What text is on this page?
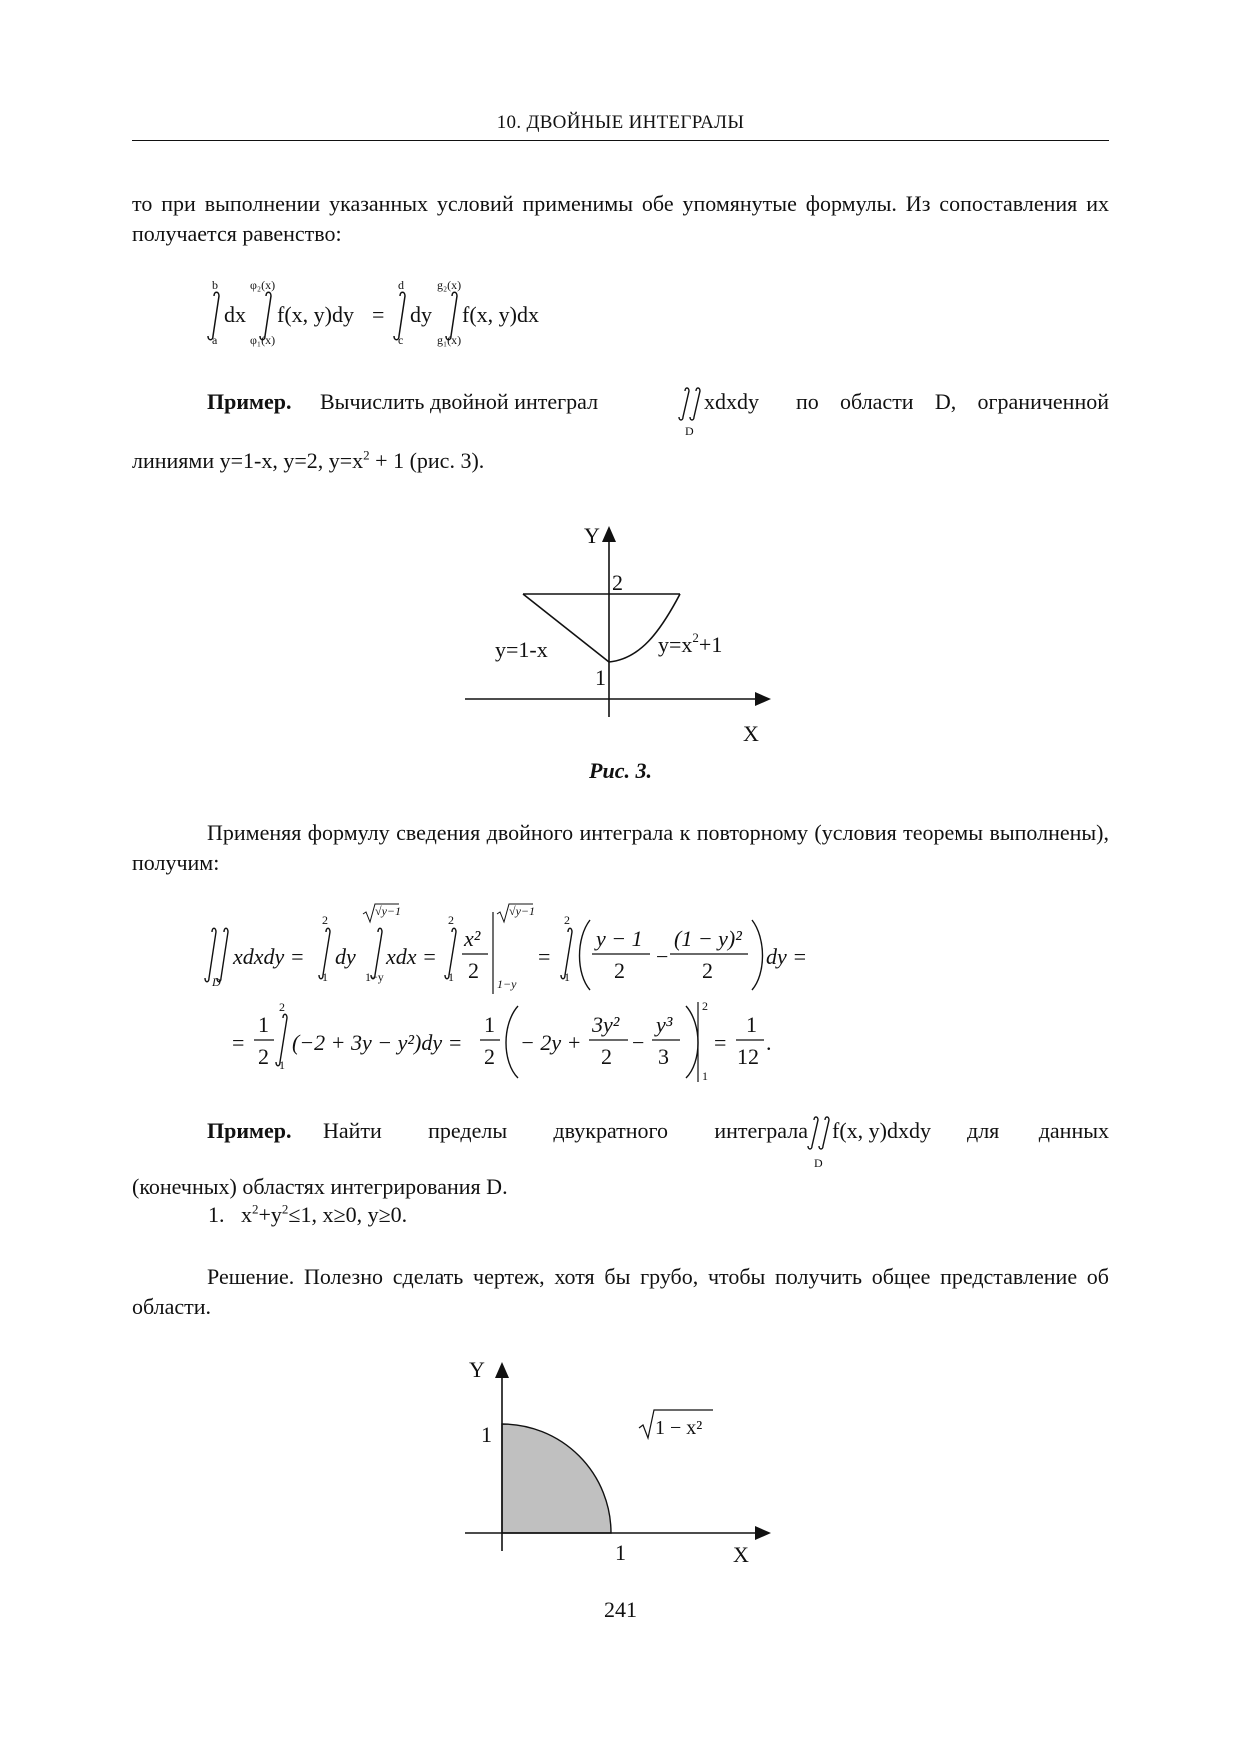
10. ДВОЙНЫЕ ИНТЕГРАЛЫ
то при выполнении указанных условий применимы обе упомянутые формулы. Из сопоставления их получается равенство:
b
a
dx
φ₂(x)
φ₁(x)
f(x, y)dy =
d
c
dy
g₂(x)
g₁(x)
f(x, y)dx
Пример. Вычислить двойной интеграл	xdxdy
D
по области D, ограниченной
линиями y=1-x, y=2, $y=x^2 + 1$ (рис. 3).
Y
X
2
1
y=1-x	$y=x^2+1$
Рис. 3.
Применяя формулу сведения двойного интеграла к повторному (условия теоремы выполнены), получим:
D
xdxdy =
2
1
dy
√y−1
1−y
xdx =
2
1
x²
2
√y−1
1−y
=
2
1
y − 1
2
−
(1 − y)²
2
dy =
=
1
2
2
1
(−2 + 3y − y²)dy =
1
2
− 2y +
3y²
2
−
y³
3
2
1
=
1
12
.
Пример. Найти пределы двукратного интеграла f(x, y)dxdy
D
для данных
(конечных) областях интегрирования D.
1. $x^2+y^2\le 1$, x≥0, y≥0.
Решение. Полезно сделать чертеж, хотя бы грубо, чтобы получить общее представление об области.
Y
X
1
1
1 − x²
241
